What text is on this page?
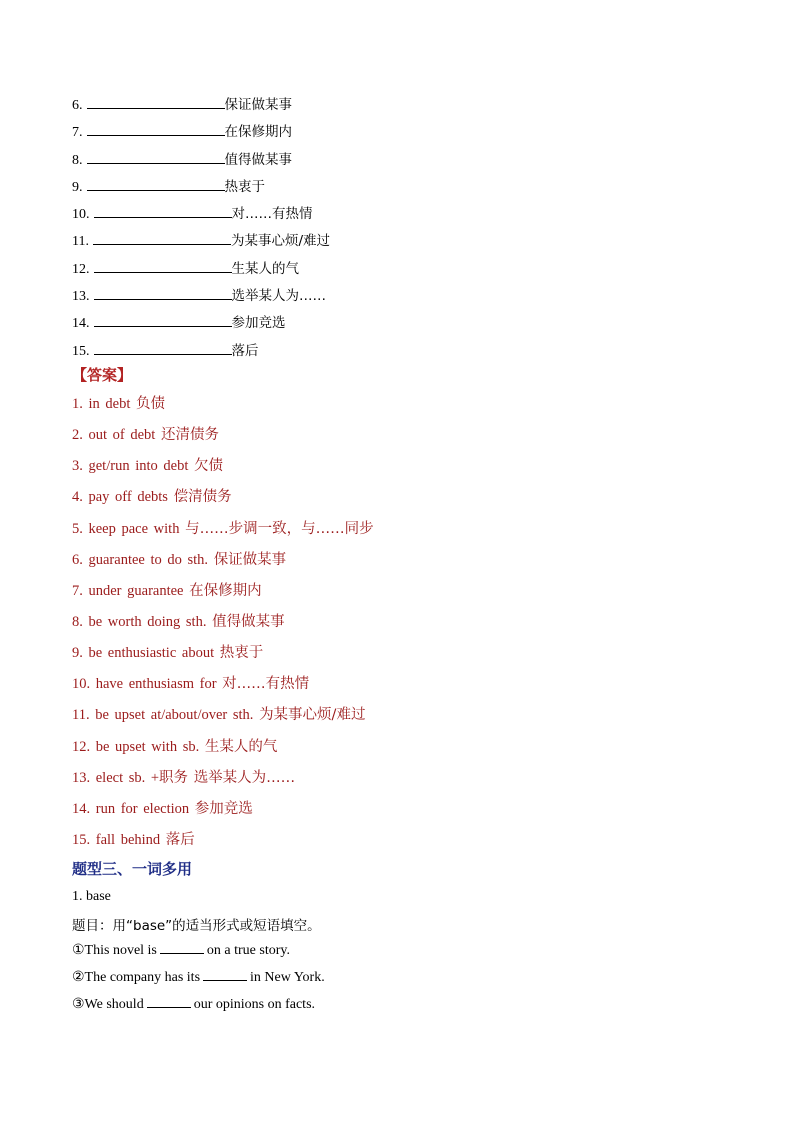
6.	保证做某事
7.	在保修期内
8.	值得做某事
9.	热衷于
10.	对……有热情
11.	为某事心烦/难过
12.	生某人的气
13.	选举某人为……
14.	参加竞选
15.	落后
【答案】
1. in debt 负债
2. out of debt 还清债务
3. get/run into debt 欠债
4. pay off debts 偿清债务
5. keep pace with 与……步调一致，与……同步
6. guarantee to do sth. 保证做某事
7. under guarantee 在保修期内
8. be worth doing sth. 值得做某事
9. be enthusiastic about 热衷于
10. have enthusiasm for 对……有热情
11. be upset at/about/over sth. 为某事心烦/难过
12. be upset with sb. 生某人的气
13. elect sb. +职务 选举某人为……
14. run for election 参加竞选
15. fall behind 落后
题型三、一词多用
1. base
题目：用“base”的适当形式或短语填空。
①This novel is	on a true story.
②The company has its	in New York.
③We should	our opinions on facts.
